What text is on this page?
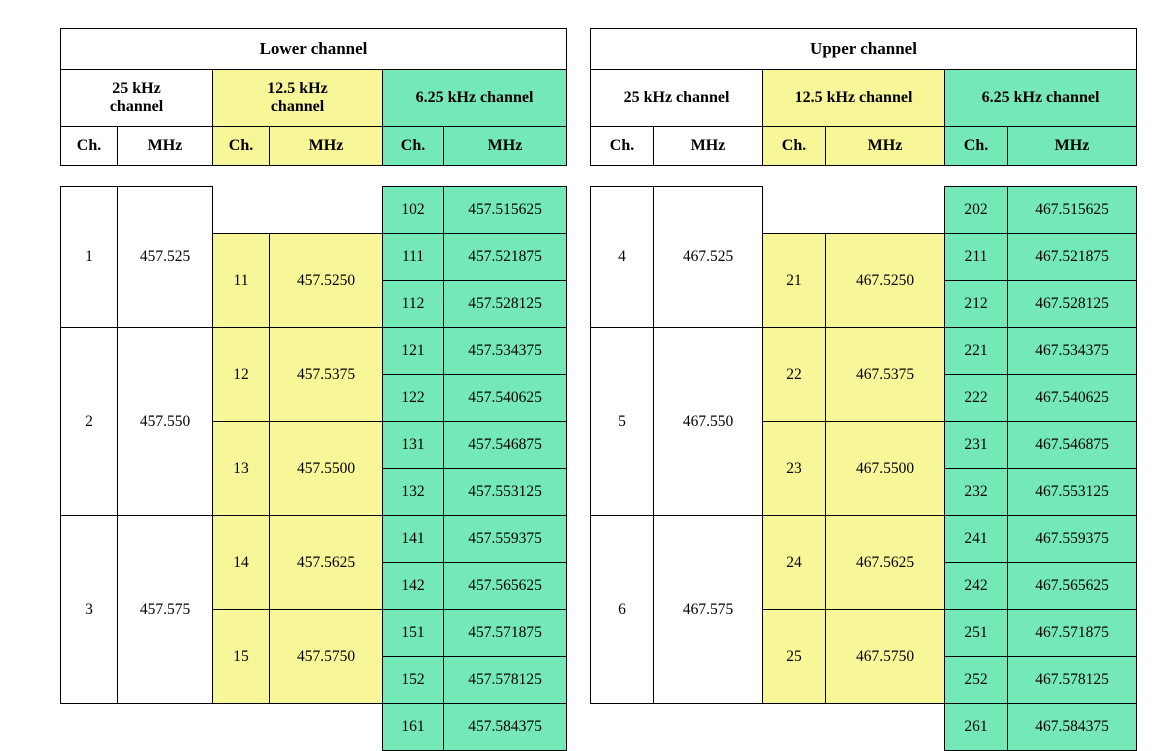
Lower channel					

25 kHz
channel

12.5 kHz
channel

6.25 kHz channel

Ch.	MHz	Ch.	MHz	Ch.	MHz
1	457.525			102	457.515625
		11	457.5250	111	457.521875
				112	457.528125
2	457.550	12	457.5375	121	457.534375
				122	457.540625
		13	457.5500	131	457.546875
				132	457.553125
3	457.575	14	457.5625	141	457.559375
				142	457.565625
		15	457.5750	151	457.571875
				152	457.578125
				161	457.584375
Upper channel					

25 kHz channel		12.5 kHz channel		6.25 kHz channel	

Ch.	MHz	Ch.	MHz	Ch.	MHz
4	467.525			202	467.515625
		21	467.5250	211	467.521875
				212	467.528125
5	467.550	22	467.5375	221	467.534375
				222	467.540625
		23	467.5500	231	467.546875
				232	467.553125
6	467.575	24	467.5625	241	467.559375
				242	467.565625
		25	467.5750	251	467.571875
				252	467.578125
				261	467.584375
